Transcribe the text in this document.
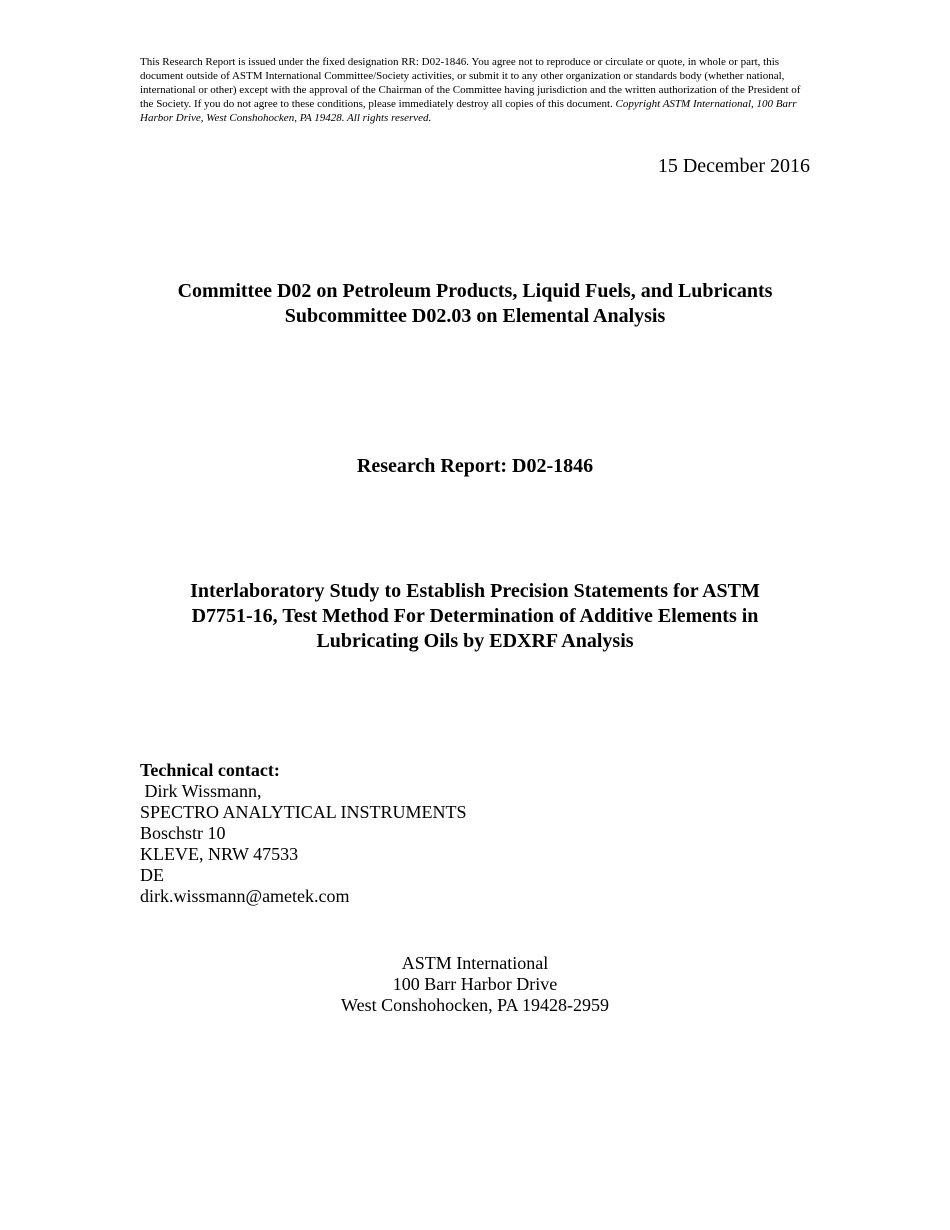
This Research Report is issued under the fixed designation RR: D02-1846. You agree not to reproduce or circulate or quote, in whole or part, this document outside of ASTM International Committee/Society activities, or submit it to any other organization or standards body (whether national, international or other) except with the approval of the Chairman of the Committee having jurisdiction and the written authorization of the President of the Society. If you do not agree to these conditions, please immediately destroy all copies of this document. Copyright ASTM International, 100 Barr Harbor Drive, West Conshohocken, PA 19428. All rights reserved.
15 December 2016
Committee D02 on Petroleum Products, Liquid Fuels, and Lubricants
Subcommittee D02.03 on Elemental Analysis
Research Report: D02-1846
Interlaboratory Study to Establish Precision Statements for ASTM
D7751-16, Test Method For Determination of Additive Elements in
Lubricating Oils by EDXRF Analysis
Technical contact:
Dirk Wissmann,
SPECTRO ANALYTICAL INSTRUMENTS
Boschstr 10
KLEVE, NRW 47533
DE
dirk.wissmann@ametek.com
ASTM International
100 Barr Harbor Drive
West Conshohocken, PA 19428-2959
